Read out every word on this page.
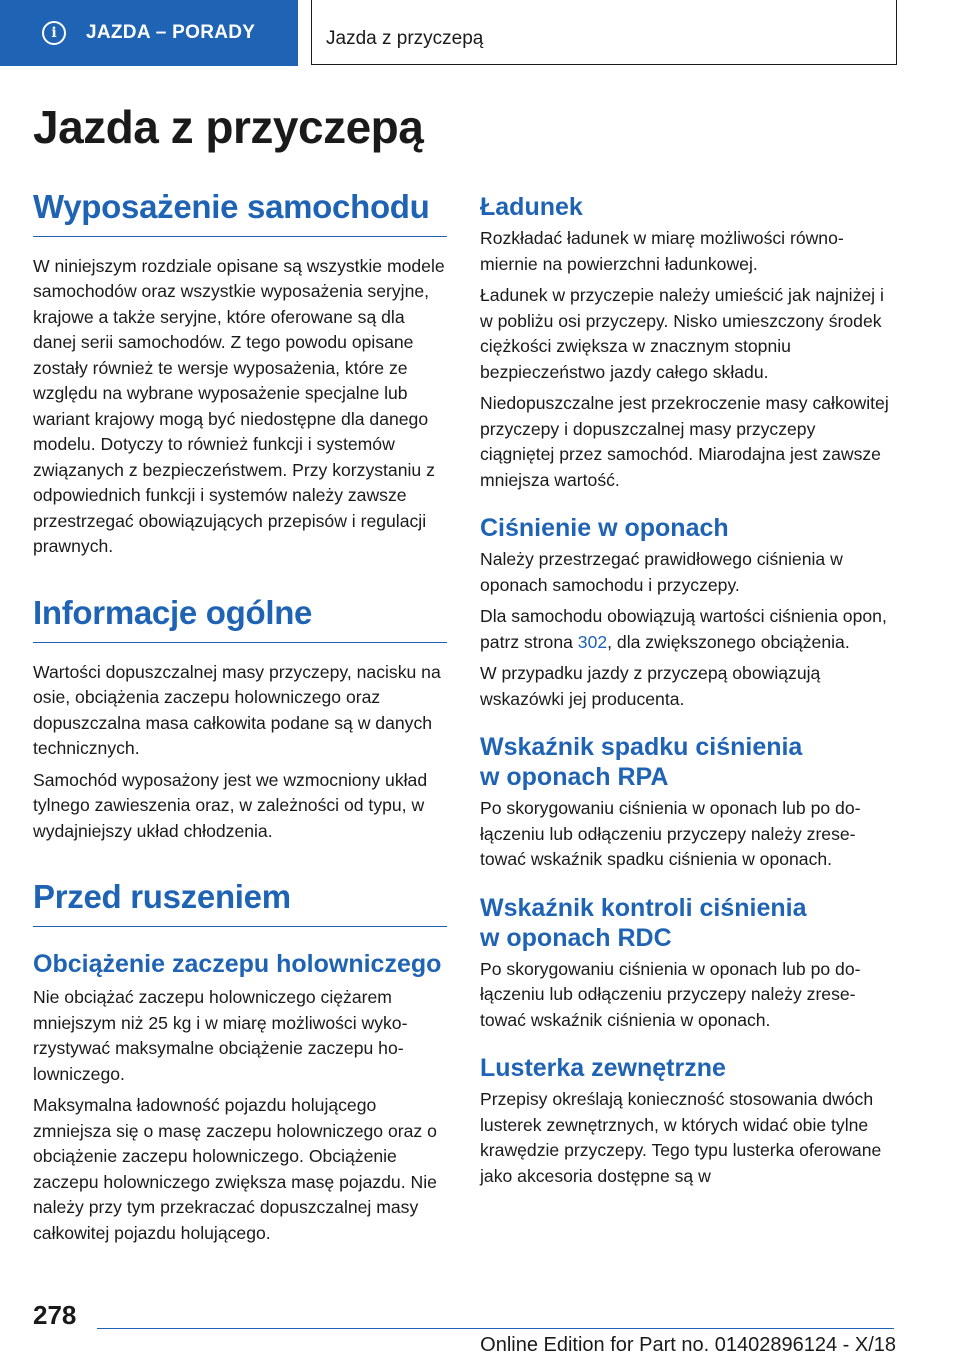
i	JAZDA – PORADY	Jazda z przyczepą
Jazda z przyczepą
Wyposażenie samochodu

W niniejszym rozdziale opisane są wszystkie modele samochodów oraz wszystkie wyposażenia seryjne, krajowe a także seryjne, które oferowane są dla danej serii samochodów. Z tego powodu opisane zostały również te wersje wyposażenia, które ze względu na wybrane wyposażenie specjalne lub wariant krajowy mogą być niedostępne dla danego modelu. Dotyczy to również funkcji i systemów związanych z bezpieczeństwem. Przy korzystaniu z odpowiednich funkcji i systemów należy zawsze przestrzegać obowiązujących przepisów i regulacji prawnych.

Informacje ogólne

Wartości dopuszczalnej masy przyczepy, nacisku na osie, obciążenia zaczepu holowniczego oraz dopuszczalna masa całkowita podane są w danych technicznych.

Samochód wyposażony jest we wzmocniony układ tylnego zawieszenia oraz, w zależności od typu, w wydajniejszy układ chłodzenia.

Przed ruszeniem
Obciążenie zaczepu holowniczego

Nie obciążać zaczepu holowniczego ciężarem mniejszym niż 25 kg i w miarę możliwości wykorzystywać maksymalne obciążenie zaczepu holowniczego.

Maksymalna ładowność pojazdu holującego zmniejsza się o masę zaczepu holowniczego oraz o obciążenie zaczepu holowniczego. Obciążenie zaczepu holowniczego zwiększa masę pojazdu. Nie należy przy tym przekraczać dopuszczalnej masy całkowitej pojazdu holującego.

Ładunek

Rozkładać ładunek w miarę możliwości równomiernie na powierzchni ładunkowej.

Ładunek w przyczepie należy umieścić jak najniżej i w pobliżu osi przyczepy. Nisko umieszczony środek ciężkości zwiększa w znacznym stopniu bezpieczeństwo jazdy całego składu.

Niedopuszczalne jest przekroczenie masy całkowitej przyczepy i dopuszczalnej masy przyczepy ciągniętej przez samochód. Miarodajna jest zawsze mniejsza wartość.

Ciśnienie w oponach

Należy przestrzegać prawidłowego ciśnienia w oponach samochodu i przyczepy.

Dla samochodu obowiązują wartości ciśnienia opon, patrz strona 302, dla zwiększonego obciążenia.

W przypadku jazdy z przyczepą obowiązują wskazówki jej producenta.

Wskaźnik spadku ciśnienia
w oponach RPA

Po skorygowaniu ciśnienia w oponach lub po dołączeniu lub odłączeniu przyczepy należy zresetować wskaźnik spadku ciśnienia w oponach.

Wskaźnik kontroli ciśnienia
w oponach RDC

Po skorygowaniu ciśnienia w oponach lub po dołączeniu lub odłączeniu przyczepy należy zresetować wskaźnik ciśnienia w oponach.

Lusterka zewnętrzne

Przepisy określają konieczność stosowania dwóch lusterek zewnętrznych, w których widać obie tylne krawędzie przyczepy. Tego typu lusterka oferowane jako akcesoria dostępne są w

278
Online Edition for Part no. 01402896124 - X/18
